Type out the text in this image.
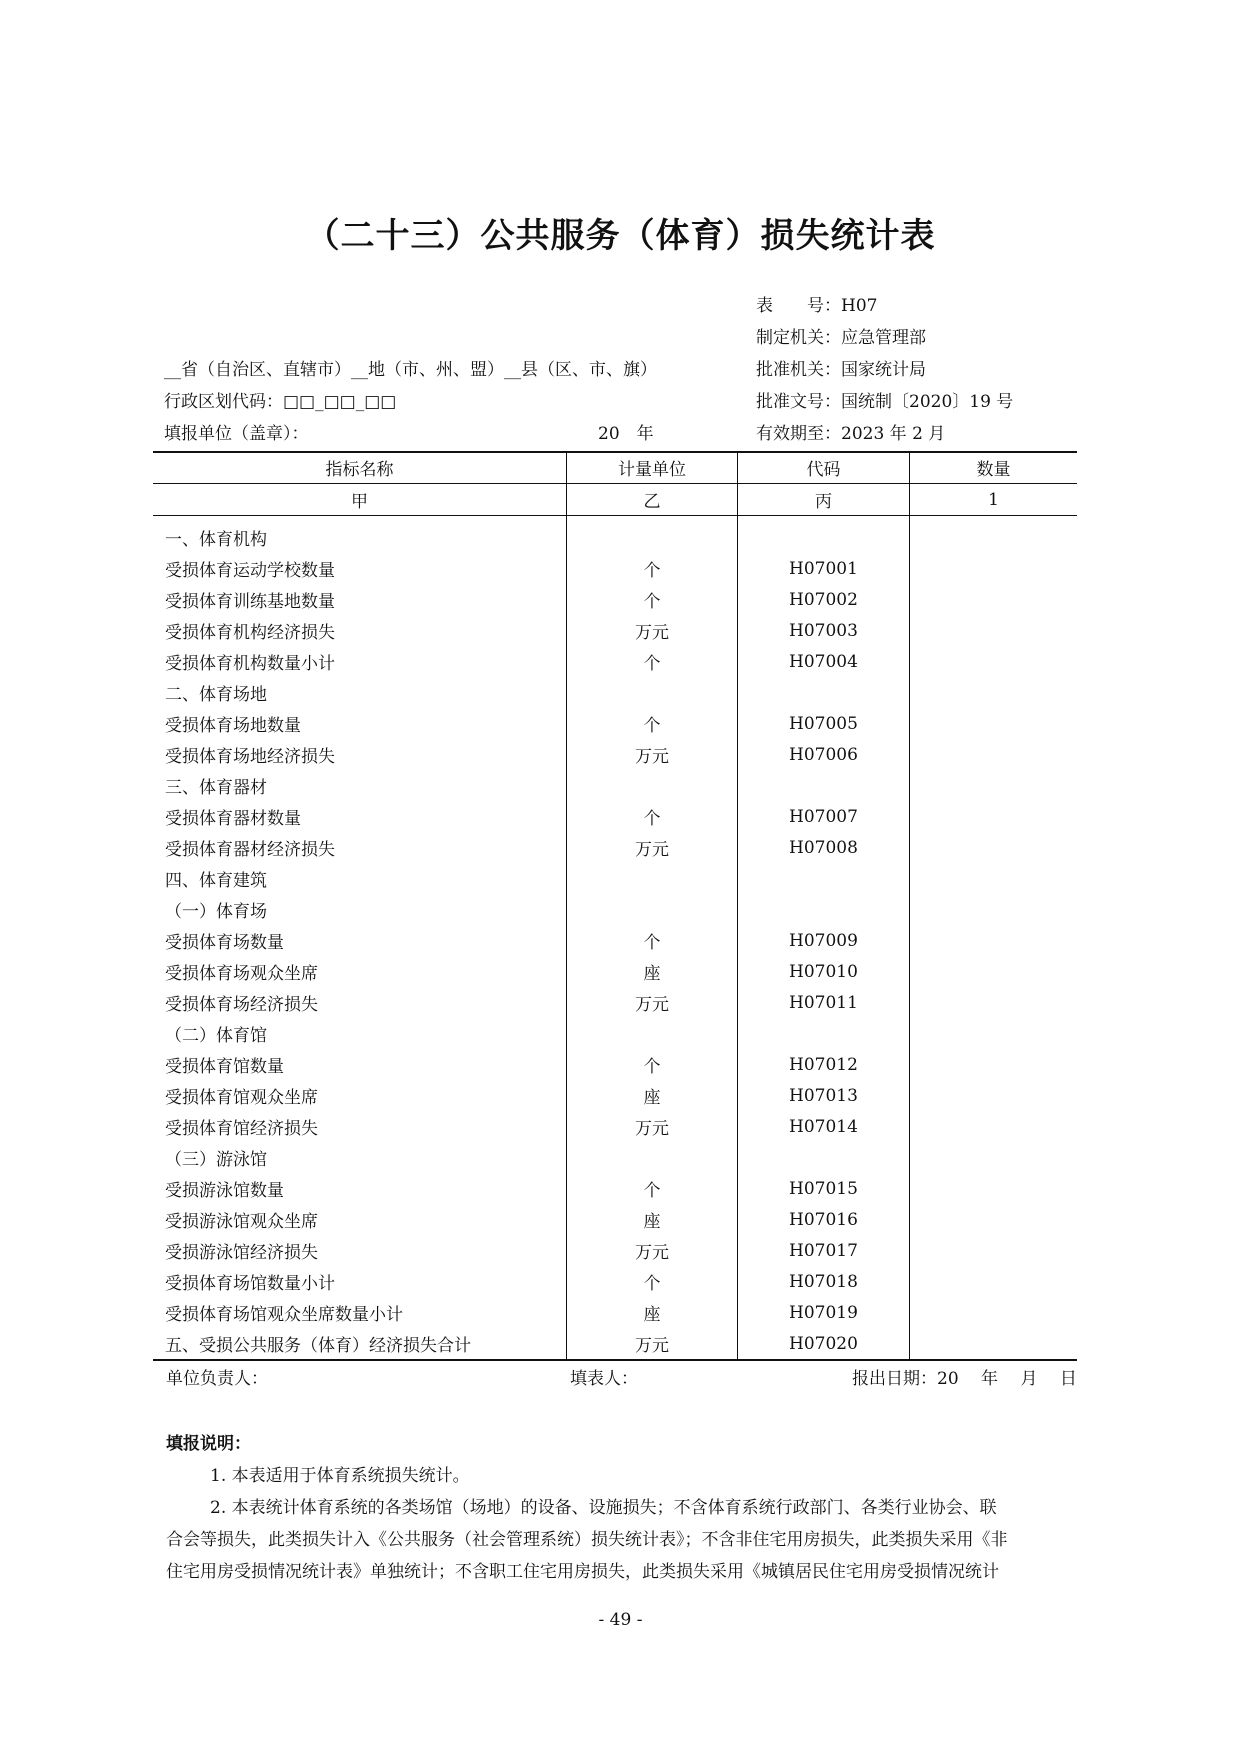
（二十三）公共服务（体育）损失统计表
表　　号：H07
制定机关：应急管理部
批准机关：国家统计局
批准文号：国统制〔2020〕19 号
有效期至：2023 年 2 月
__省（自治区、直辖市）__地（市、州、盟）__县（区、市、旗）
行政区划代码：□□_□□_□□
填报单位（盖章）：	20　年
指标名称	计量单位	代码	数量
甲	乙	丙	1
一、体育机构			
受损体育运动学校数量	个	H07001	
受损体育训练基地数量	个	H07002	
受损体育机构经济损失	万元	H07003	
受损体育机构数量小计	个	H07004	
二、体育场地			
受损体育场地数量	个	H07005	
受损体育场地经济损失	万元	H07006	
三、体育器材			
受损体育器材数量	个	H07007	
受损体育器材经济损失	万元	H07008	
四、体育建筑			
（一）体育场			
受损体育场数量	个	H07009	
受损体育场观众坐席	座	H07010	
受损体育场经济损失	万元	H07011	
（二）体育馆			
受损体育馆数量	个	H07012	
受损体育馆观众坐席	座	H07013	
受损体育馆经济损失	万元	H07014	
（三）游泳馆			
受损游泳馆数量	个	H07015	
受损游泳馆观众坐席	座	H07016	
受损游泳馆经济损失	万元	H07017	
受损体育场馆数量小计	个	H07018	
受损体育场馆观众坐席数量小计	座	H07019	
五、受损公共服务（体育）经济损失合计	万元	H07020	
单位负责人：	填表人：	报出日期：20　 年　 月　 日

填报说明：

1. 本表适用于体育系统损失统计。

2. 本表统计体育系统的各类场馆（场地）的设备、设施损失；不含体育系统行政部门、各类行业协会、联

合会等损失，此类损失计入《公共服务（社会管理系统）损失统计表》；不含非住宅用房损失，此类损失采用《非

住宅用房受损情况统计表》单独统计；不含职工住宅用房损失，此类损失采用《城镇居民住宅用房受损情况统计

- 49 -
